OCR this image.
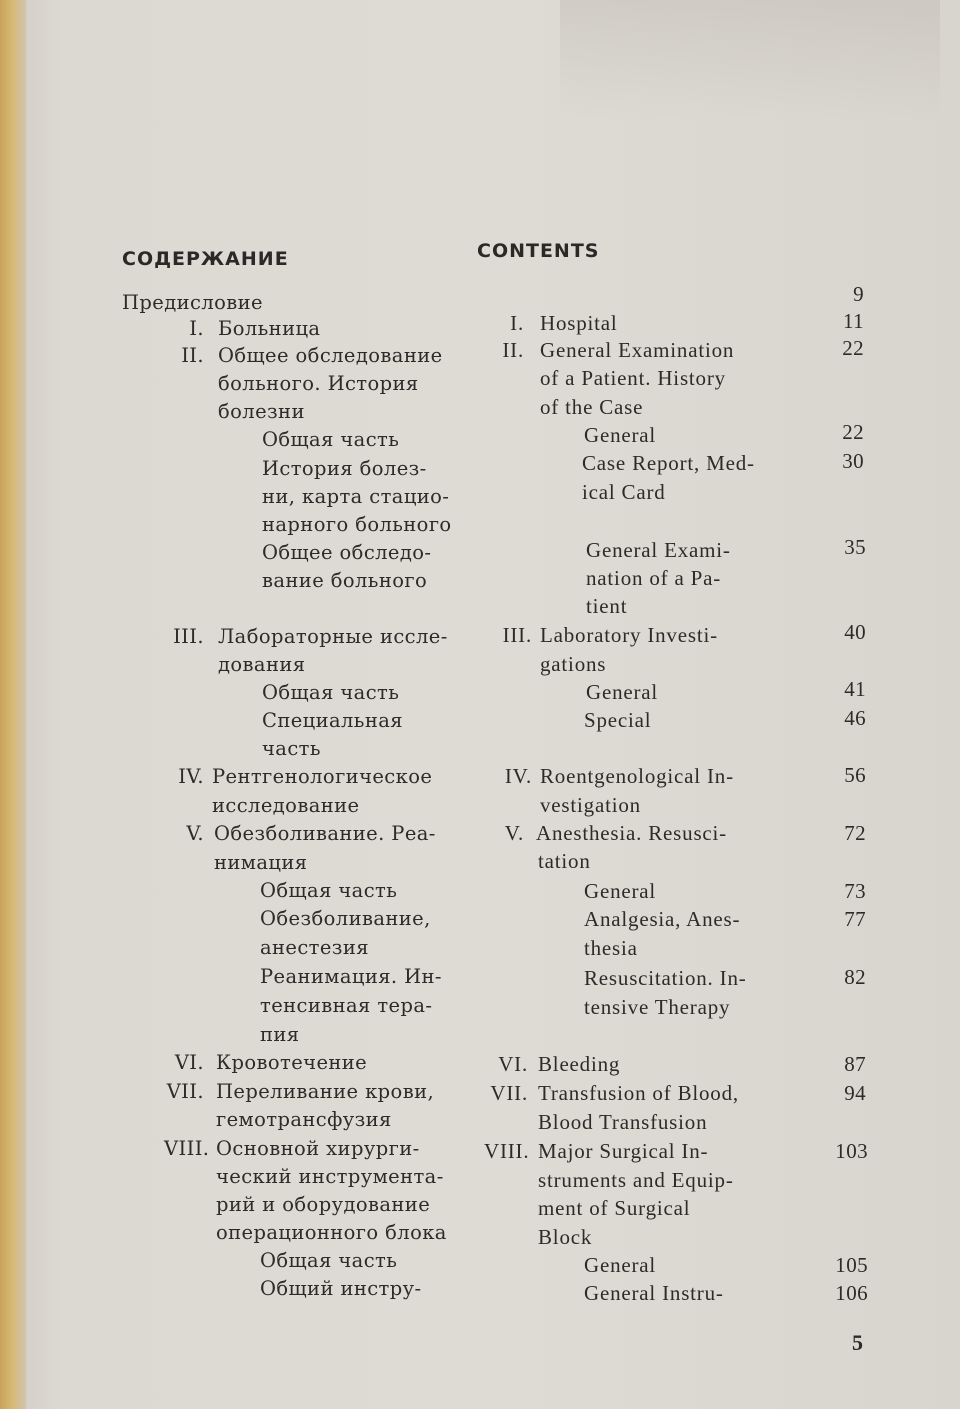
СОДЕРЖАНИЕ	CONTENTS
Предисловие	9
I. Больница
II. Общее обследование
больного. История
болезни
Общая часть
История болез-
ни, карта стацио-
нарного больного
Общее обследо-
вание больного
III. Лабораторные иссле-
дования
Общая часть
Специальная
часть
IV. Рентгенологическое
исследование
V. Обезболивание. Реа-
нимация
Общая часть
Обезболивание,
анестезия
Реанимация. Ин-
тенсивная тера-
пия
VI. Кровотечение
VII. Переливание крови,
гемотрансфузия
VIII. Основной хирурги-
ческий инструмента-
рий и оборудование
операционного блока
Общая часть
Общий инстру-
I. Hospital	11
II. General Examination	22
of a Patient. History
of the Case
General	22
Case Report, Med-	30
ical Card
General Exami-	35
nation of a Pa-
tient
III. Laboratory Investi-	40
gations
General	41
Special	46
IV. Roentgenological In-	56
vestigation
V. Anesthesia. Resusci-	72
tation
General	73
Analgesia, Anes-	77
thesia
Resuscitation. In-	82
tensive Therapy
VI. Bleeding	87
VII. Transfusion of Blood,	94
Blood Transfusion
VIII. Major Surgical In-	103
struments and Equip-
ment of Surgical
Block
General	105
General Instru-	106
5
